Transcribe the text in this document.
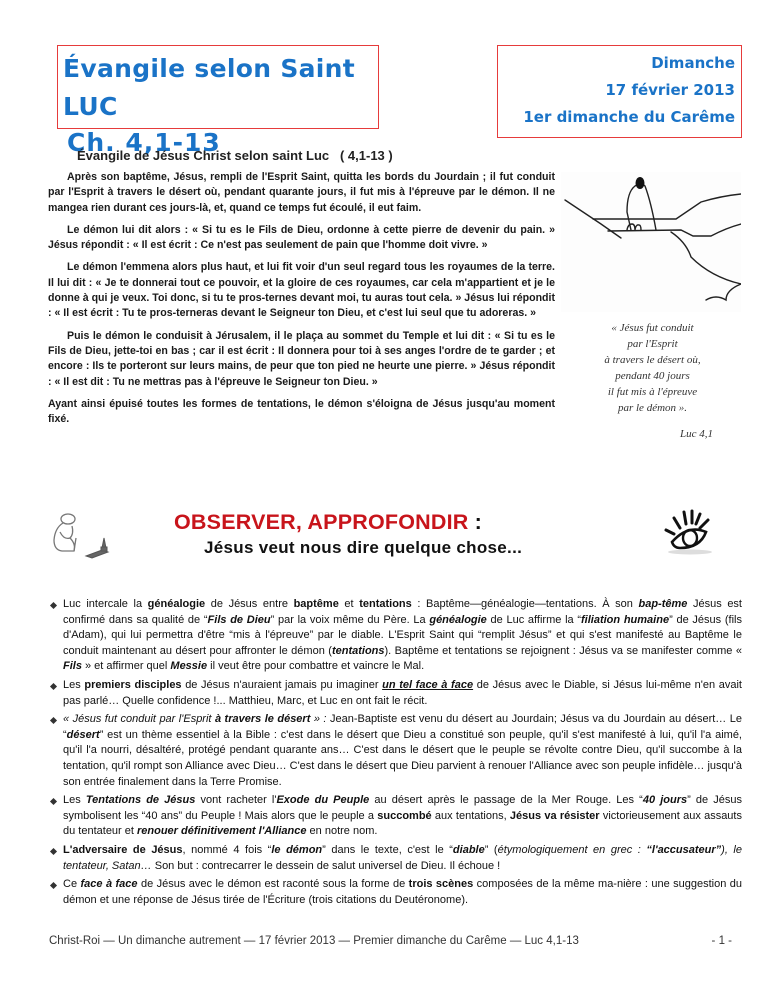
Évangile selon Saint LUC
Ch. 4,1-13
Dimanche
17 février 2013
1er dimanche du Carême
Évangile de Jésus Christ selon saint Luc   ( 4,1-13 )

Après son baptême, Jésus, rempli de l'Esprit Saint, quitta les bords du Jourdain ; il fut conduit par l'Esprit à travers le désert où, pendant quarante jours, il fut mis à l'épreuve par le démon. Il ne mangea rien durant ces jours-là, et, quand ce temps fut écoulé, il eut faim.

Le démon lui dit alors : « Si tu es le Fils de Dieu, ordonne à cette pierre de devenir du pain. » Jésus répondit : « Il est écrit : Ce n'est pas seulement de pain que l'homme doit vivre. »

Le démon l'emmena alors plus haut, et lui fit voir d'un seul regard tous les royaumes de la terre. Il lui dit : « Je te donnerai tout ce pouvoir, et la gloire de ces royaumes, car cela m'appartient et je le donne à qui je veux. Toi donc, si tu te pros-ternes devant moi, tu auras tout cela. » Jésus lui répondit : « Il est écrit : Tu te pros-terneras devant le Seigneur ton Dieu, et c'est lui seul que tu adoreras. »

Puis le démon le conduisit à Jérusalem, il le plaça au sommet du Temple et lui dit : « Si tu es le Fils de Dieu, jette-toi en bas ; car il est écrit : Il donnera pour toi à ses anges l'ordre de te garder ; et encore : Ils te porteront sur leurs mains, de peur que ton pied ne heurte une pierre. » Jésus répondit : « Il est dit : Tu ne mettras pas à l'épreuve le Seigneur ton Dieu. »

Ayant ainsi épuisé toutes les formes de tentations, le démon s'éloigna de Jésus jusqu'au moment fixé.

« Jésus fut conduit
par l'Esprit
à travers le désert où,
pendant 40 jours
il fut mis à l'épreuve
par le démon ».
Luc 4,1
OBSERVER, APPROFONDIR :
Jésus veut nous dire quelque chose...
Luc intercale la généalogie de Jésus entre baptême et tentations : Baptême—généalogie—tentations. À son bap-tême Jésus est confirmé dans sa qualité de “Fils de Dieu” par la voix même du Père. La généalogie de Luc affirme la “filiation humaine” de Jésus (fils d'Adam), qui lui permettra d'être “mis à l'épreuve” par le diable. L'Esprit Saint qui “remplit Jésus” et qui s'est manifesté au Baptême le conduit maintenant au désert pour affronter le démon (tentations). Baptême et tentations se rejoignent : Jésus va se manifester comme « Fils » et affirmer quel Messie il veut être pour combattre et vaincre le Mal.
Les premiers disciples de Jésus n'auraient jamais pu imaginer un tel face à face de Jésus avec le Diable, si Jésus lui-même n'en avait pas parlé… Quelle confidence !... Matthieu, Marc, et Luc en ont fait le récit.
« Jésus fut conduit par l'Esprit à travers le désert » : Jean-Baptiste est venu du désert au Jourdain; Jésus va du Jourdain au désert… Le “désert” est un thème essentiel à la Bible : c'est dans le désert que Dieu a constitué son peuple, qu'il s'est manifesté à lui, qu'il l'a aimé, qu'il l'a nourri, désaltéré, protégé pendant quarante ans… C'est dans le désert que le peuple se révolte contre Dieu, qu'il succombe à la tentation, qu'il rompt son Alliance avec Dieu… C'est dans le désert que Dieu parvient à renouer l'Alliance avec son peuple infidèle… jusqu'à son entrée finalement dans la Terre Promise.
Les Tentations de Jésus vont racheter l'Exode du Peuple au désert après le passage de la Mer Rouge. Les “40 jours” de Jésus symbolisent les “40 ans” du Peuple ! Mais alors que le peuple a succombé aux tentations, Jésus va résister victorieusement aux assauts du tentateur et renouer définitivement l'Alliance en notre nom.
L'adversaire de Jésus, nommé 4 fois “le démon” dans le texte, c'est le “diable” (étymologiquement en grec : “l'accusateur”), le tentateur, Satan… Son but : contrecarrer le dessein de salut universel de Dieu. Il échoue !
Ce face à face de Jésus avec le démon est raconté sous la forme de trois scènes composées de la même ma-nière : une suggestion du démon et une réponse de Jésus tirée de l'Écriture (trois citations du Deutéronome).
Christ-Roi — Un dimanche autrement — 17 février 2013 — Premier dimanche du Carême — Luc 4,1-13	- 1 -
